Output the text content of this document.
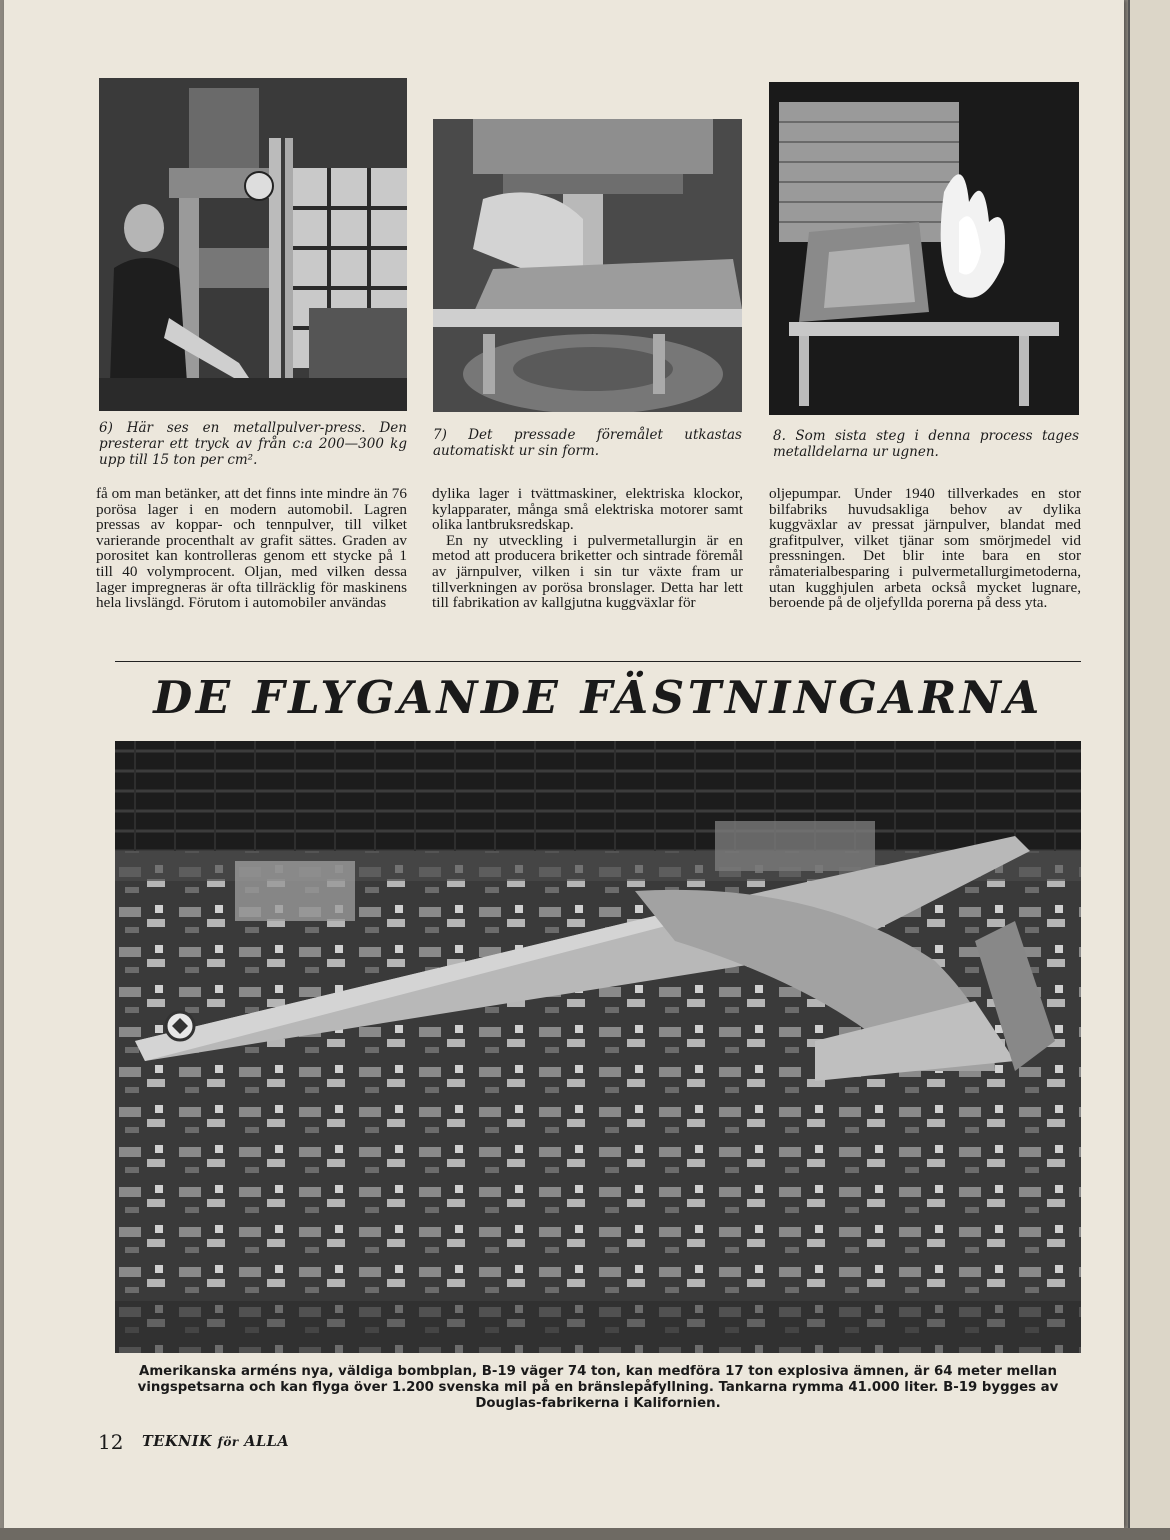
6) Här ses en metallpulver-press. Den presterar ett tryck av från c:a 200—300 kg upp till 15 ton per cm².
7) Det pressade föremålet utkastas automatiskt ur sin form.
8. Som sista steg i denna process tages metalldelarna ur ugnen.

få om man betänker, att det finns inte mindre än 76 porösa lager i en modern automobil. Lagren pressas av koppar- och tennpulver, till vilket varierande procenthalt av grafit sättes. Graden av porositet kan kontrolleras genom ett stycke på 1 till 40 volymprocent. Oljan, med vilken dessa lager impregneras är ofta tillräcklig för maskinens hela livslängd. Förutom i automobiler användas

dylika lager i tvättmaskiner, elektriska klockor, kylapparater, många små elektriska motorer samt olika lantbruksredskap.

En ny utveckling i pulvermetallurgin är en metod att producera briketter och sintrade föremål av järnpulver, vilken i sin tur växte fram ur tillverkningen av porösa bronslager. Detta har lett till fabrikation av kallgjutna kuggväxlar för

oljepumpar. Under 1940 tillverkades en stor bilfabriks huvudsakliga behov av dylika kuggväxlar av pressat järnpulver, blandat med grafitpulver, vilket tjänar som smörjmedel vid pressningen. Det blir inte bara en stor råmaterialbesparing i pulvermetallurgimetoderna, utan kugghjulen arbeta också mycket lugnare, beroende på de oljefyllda porerna på dess yta.

DE FLYGANDE FÄSTNINGARNA
Amerikanska arméns nya, väldiga bombplan, B-19 väger 74 ton, kan medföra 17 ton explosiva ämnen, är 64 meter mellan vingspetsarna och kan flyga över 1.200 svenska mil på en bränslepåfyllning. Tankarna rymma 41.000 liter. B-19 bygges av Douglas-fabrikerna i Kalifornien.
12 TEKNIK för ALLA
